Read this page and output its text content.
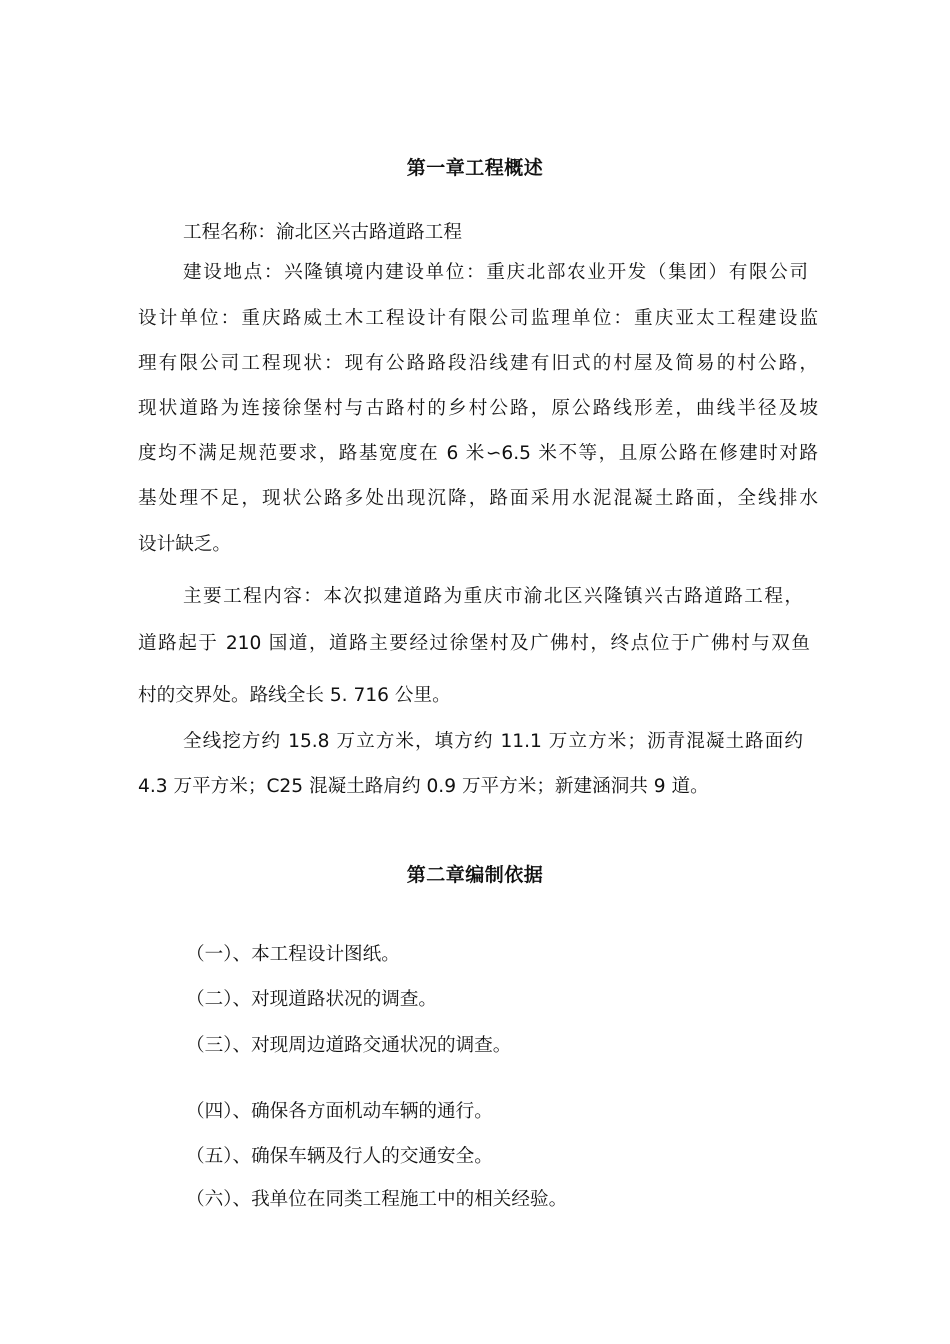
第一章工程概述
工程名称：渝北区兴古路道路工程
建设地点：兴隆镇境内建设单位：重庆北部农业开发（集团）有限公司
设计单位：重庆路威土木工程设计有限公司监理单位：重庆亚太工程建设监
理有限公司工程现状：现有公路路段沿线建有旧式的村屋及简易的村公路，
现状道路为连接徐堡村与古路村的乡村公路，原公路线形差，曲线半径及坡
度均不满足规范要求，路基宽度在 6 米∽6.5 米不等，且原公路在修建时对路
基处理不足，现状公路多处出现沉降，路面采用水泥混凝土路面，全线排水
设计缺乏。
主要工程内容：本次拟建道路为重庆市渝北区兴隆镇兴古路道路工程，
道路起于 210 国道，道路主要经过徐堡村及广佛村，终点位于广佛村与双鱼
村的交界处。路线全长 5. 716 公里。
全线挖方约 15.8 万立方米，填方约 11.1 万立方米；沥青混凝土路面约
4.3 万平方米；C25 混凝土路肩约 0.9 万平方米；新建涵洞共 9 道。
第二章编制依据
（一）、本工程设计图纸。
（二）、对现道路状况的调查。
（三）、对现周边道路交通状况的调查。
（四）、确保各方面机动车辆的通行。
（五）、确保车辆及行人的交通安全。
（六）、我单位在同类工程施工中的相关经验。
